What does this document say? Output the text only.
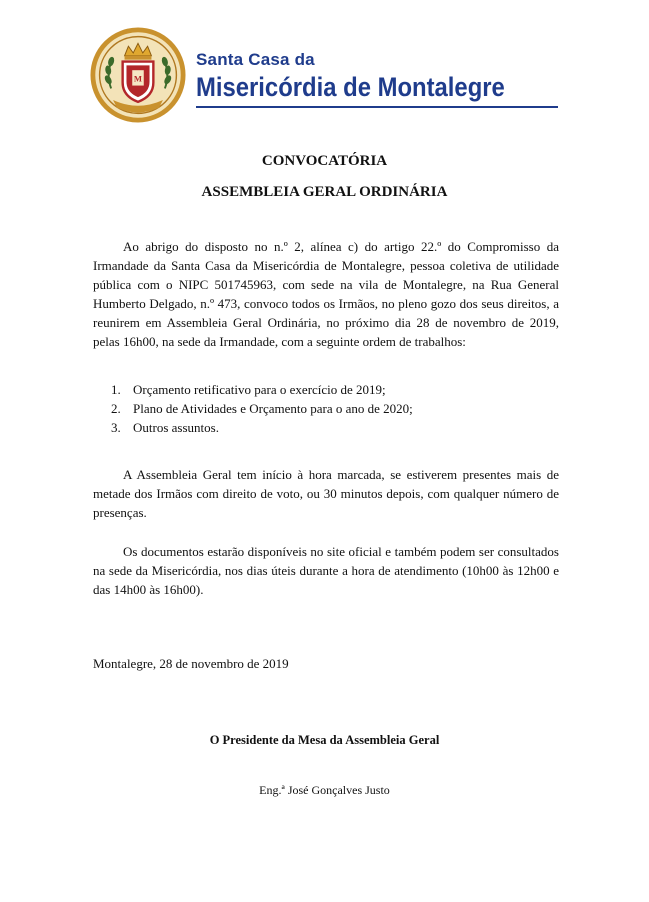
M
Santa Casa da
Misericórdia de Montalegre
CONVOCATÓRIA
ASSEMBLEIA GERAL ORDINÁRIA

Ao abrigo do disposto no n.º 2, alínea c) do artigo 22.º do Compromisso da Irmandade da Santa Casa da Misericórdia de Montalegre, pessoa coletiva de utilidade pública com o NIPC 501745963, com sede na vila de Montalegre, na Rua General Humberto Delgado, n.º 473, convoco todos os Irmãos, no pleno gozo dos seus direitos, a reunirem em Assembleia Geral Ordinária, no próximo dia 28 de novembro de 2019, pelas 16h00, na sede da Irmandade, com a seguinte ordem de trabalhos:

1. Orçamento retificativo para o exercício de 2019;
2. Plano de Atividades e Orçamento para o ano de 2020;
3. Outros assuntos.

A Assembleia Geral tem início à hora marcada, se estiverem presentes mais de metade dos Irmãos com direito de voto, ou 30 minutos depois, com qualquer número de presenças.

Os documentos estarão disponíveis no site oficial e também podem ser consultados na sede da Misericórdia, nos dias úteis durante a hora de atendimento (10h00 às 12h00 e das 14h00 às 16h00).

Montalegre, 28 de novembro de 2019
O Presidente da Mesa da Assembleia Geral
Eng.ª José Gonçalves Justo
